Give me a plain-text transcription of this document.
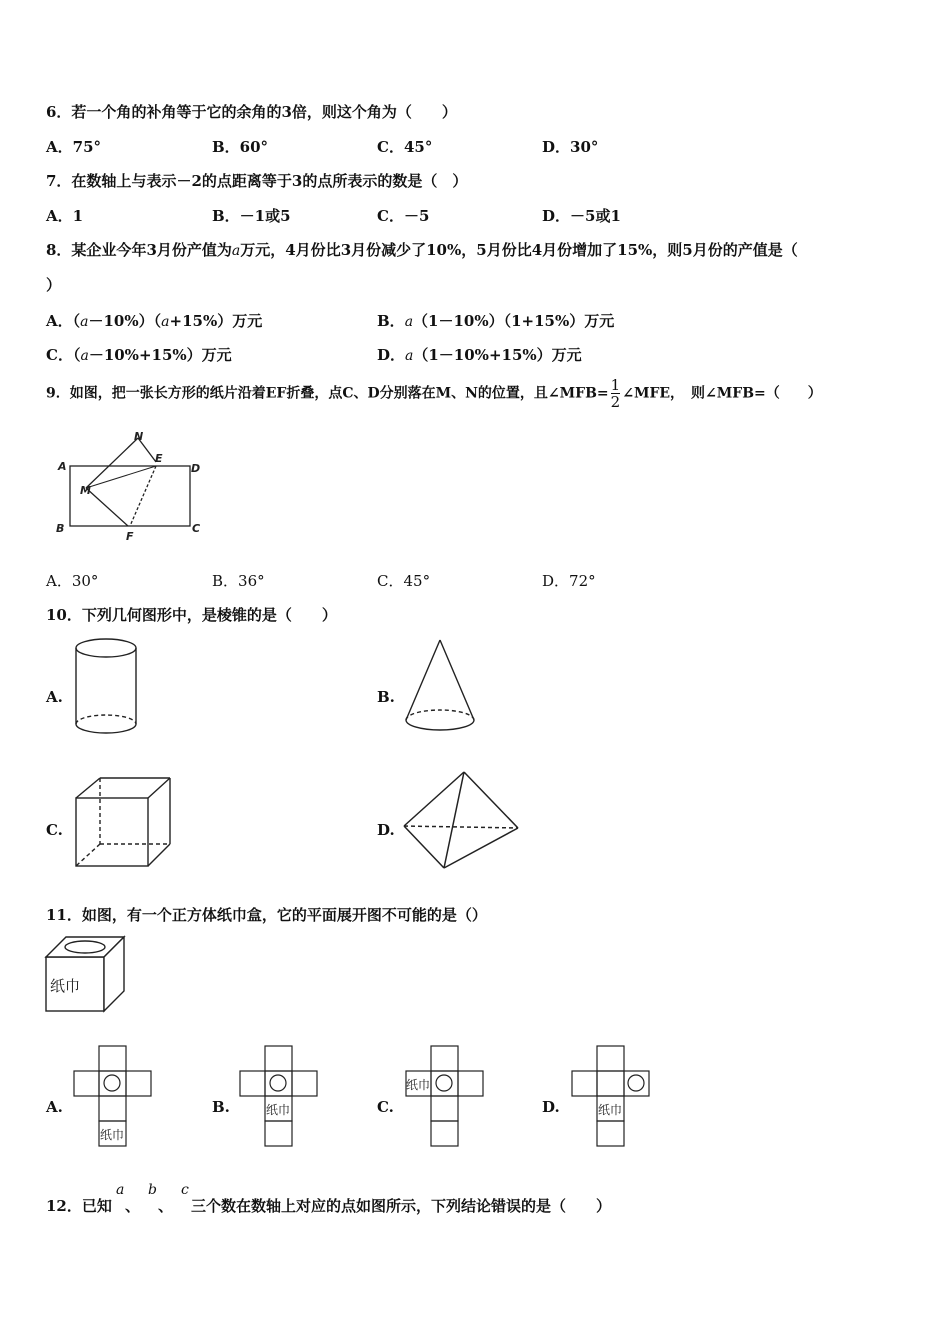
6．若一个角的补角等于它的余角的3倍，则这个角为（　　）
A．75°	B．60°	C．45°	D．30°
7．在数轴上与表示－2的点距离等于3的点所表示的数是（　）
A．1	B．－1或5	C．－5	D．－5或1
8．某企业今年3月份产值为a万元，4月份比3月份减少了10%，5月份比4月份增加了15%，则5月份的产值是（
）
A．（a－10%）（a+15%）万元	B．a（1－10%）（1+15%）万元
C．（a－10%+15%）万元	D．a（1－10%+15%）万元
9．如图，把一张长方形的纸片沿着EF折叠，点C、D分别落在M、N的位置，且∠MFB= $\frac{1}{2}$ ∠MFE，　则∠MFB=（　　）
A
B	C
D
E
F
M
N
A．30°	B．36°	C．45°	D．72°
10．下列几何图形中，是棱锥的是（　　）
A.	B.
C.	D.
11．如图，有一个正方体纸巾盒，它的平面展开图不可能的是（）
纸巾
A.
纸巾
B.	纸巾	C.
纸巾
D.	纸巾
12．已知
a
、
b
、
c
三个数在数轴上对应的点如图所示，下列结论错误的是（　　）
